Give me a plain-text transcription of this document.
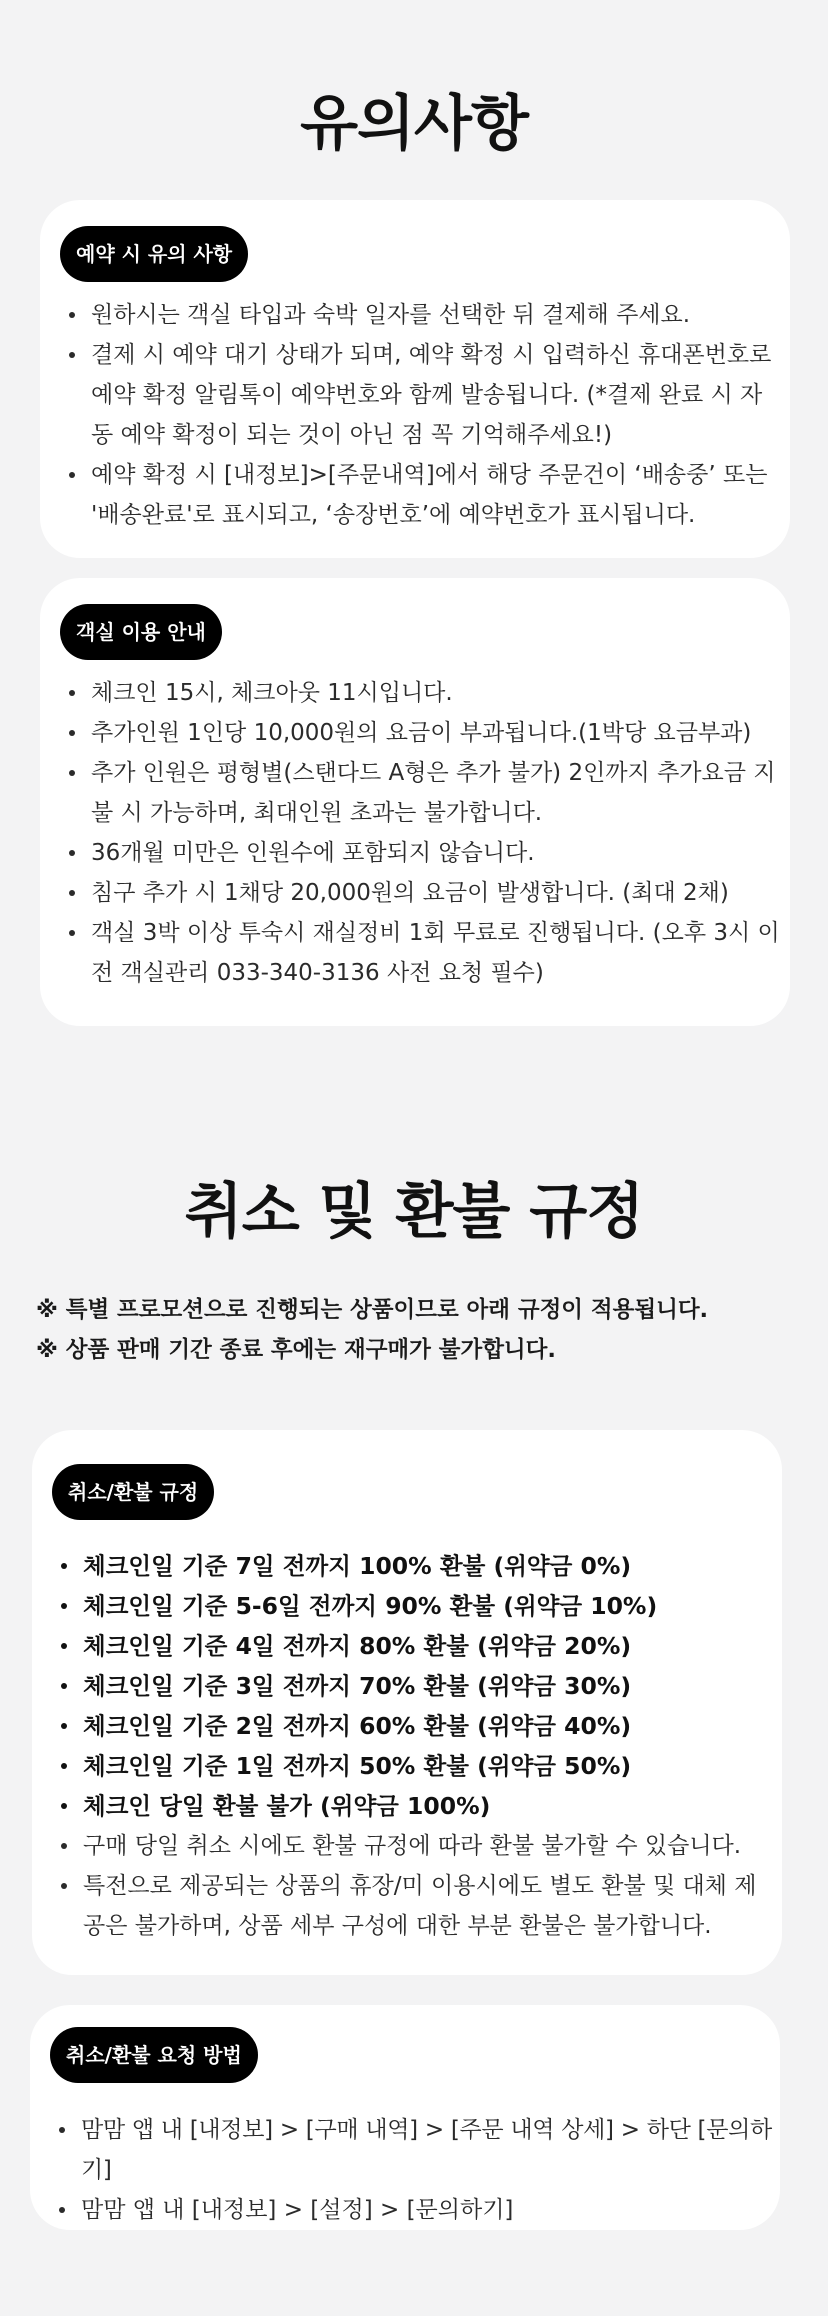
유의사항
예약 시 유의 사항
원하시는 객실 타입과 숙박 일자를 선택한 뒤 결제해 주세요.
결제 시 예약 대기 상태가 되며, 예약 확정 시 입력하신 휴대폰번호로 예약 확정 알림톡이 예약번호와 함께 발송됩니다. (*결제 완료 시 자동 예약 확정이 되는 것이 아닌 점 꼭 기억해주세요!)
예약 확정 시 [내정보]>[주문내역]에서 해당 주문건이 ‘배송중’ 또는 '배송완료'로 표시되고, ‘송장번호’에 예약번호가 표시됩니다.
객실 이용 안내
체크인 15시, 체크아웃 11시입니다.
추가인원 1인당 10,000원의 요금이 부과됩니다.(1박당 요금부과)
추가 인원은 평형별(스탠다드 A형은 추가 불가) 2인까지 추가요금 지불 시 가능하며, 최대인원 초과는 불가합니다.
36개월 미만은 인원수에 포함되지 않습니다.
침구 추가 시 1채당 20,000원의 요금이 발생합니다. (최대 2채)
객실 3박 이상 투숙시 재실정비 1회 무료로 진행됩니다. (오후 3시 이전 객실관리 033-340-3136 사전 요청 필수)
취소 및 환불 규정
※ 특별 프로모션으로 진행되는 상품이므로 아래 규정이 적용됩니다.
※ 상품 판매 기간 종료 후에는 재구매가 불가합니다.
취소/환불 규정
체크인일 기준 7일 전까지 100% 환불 (위약금 0%)
체크인일 기준 5-6일 전까지 90% 환불 (위약금 10%)
체크인일 기준 4일 전까지 80% 환불 (위약금 20%)
체크인일 기준 3일 전까지 70% 환불 (위약금 30%)
체크인일 기준 2일 전까지 60% 환불 (위약금 40%)
체크인일 기준 1일 전까지 50% 환불 (위약금 50%)
체크인 당일 환불 불가 (위약금 100%)
구매 당일 취소 시에도 환불 규정에 따라 환불 불가할 수 있습니다.
특전으로 제공되는 상품의 휴장/미 이용시에도 별도 환불 및 대체 제공은 불가하며, 상품 세부 구성에 대한 부분 환불은 불가합니다.
취소/환불 요청 방법
맘맘 앱 내 [내정보] > [구매 내역] > [주문 내역 상세] > 하단 [문의하기]
맘맘 앱 내 [내정보] > [설정] > [문의하기]
